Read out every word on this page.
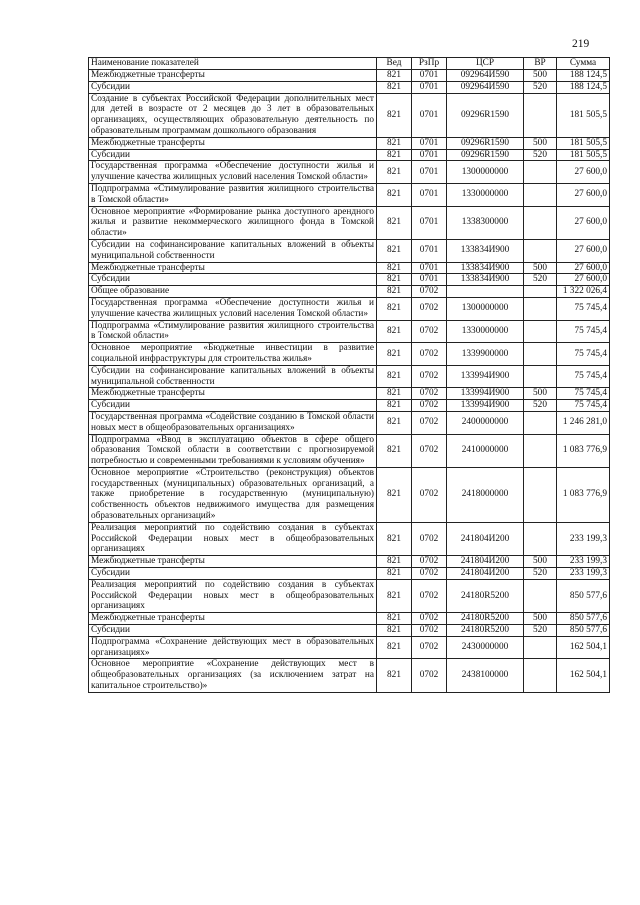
219
Наименование показателей	Вед	РзПр	ЦСР	ВР	Сумма
Межбюджетные трансферты	821	0701	092964И590	500	188 124,5
Субсидии	821	0701	092964И590	520	188 124,5
Создание в субъектах Российской Федерации дополнительных мест для детей в возрасте от 2 месяцев до 3 лет в образовательных организациях, осуществляющих образовательную деятельность по образовательным программам дошкольного образования	821	0701	09296R1590		181 505,5
Межбюджетные трансферты	821	0701	09296R1590	500	181 505,5
Субсидии	821	0701	09296R1590	520	181 505,5
Государственная программа «Обеспечение доступности жилья и улучшение качества жилищных условий населения Томской области»	821	0701	1300000000		27 600,0
Подпрограмма «Стимулирование развития жилищного строительства в Томской области»	821	0701	1330000000		27 600,0
Основное мероприятие «Формирование рынка доступного арендного жилья и развитие некоммерческого жилищного фонда в Томской области»	821	0701	1338300000		27 600,0
Субсидии на софинансирование капитальных вложений в объекты муниципальной собственности	821	0701	133834И900		27 600,0
Межбюджетные трансферты	821	0701	133834И900	500	27 600,0
Субсидии	821	0701	133834И900	520	27 600,0
Общее образование	821	0702			1 322 026,4
Государственная программа «Обеспечение доступности жилья и улучшение качества жилищных условий населения Томской области»	821	0702	1300000000		75 745,4
Подпрограмма «Стимулирование развития жилищного строительства в Томской области»	821	0702	1330000000		75 745,4
Основное мероприятие «Бюджетные инвестиции в развитие социальной инфраструктуры для строительства жилья»	821	0702	1339900000		75 745,4
Субсидии на софинансирование капитальных вложений в объекты муниципальной собственности	821	0702	133994И900		75 745,4
Межбюджетные трансферты	821	0702	133994И900	500	75 745,4
Субсидии	821	0702	133994И900	520	75 745,4
Государственная программа «Содействие созданию в Томской области новых мест в общеобразовательных организациях»	821	0702	2400000000		1 246 281,0
Подпрограмма «Ввод в эксплуатацию объектов в сфере общего образования Томской области в соответствии с прогнозируемой потребностью и современными требованиями к условиям обучения»	821	0702	2410000000		1 083 776,9
Основное мероприятие «Строительство (реконструкция) объектов государственных (муниципальных) образовательных организаций, а также приобретение в государственную (муниципальную) собственность объектов недвижимого имущества для размещения образовательных организаций»	821	0702	2418000000		1 083 776,9
Реализация мероприятий по содействию создания в субъектах Российской Федерации новых мест в общеобразовательных организациях	821	0702	241804И200		233 199,3
Межбюджетные трансферты	821	0702	241804И200	500	233 199,3
Субсидии	821	0702	241804И200	520	233 199,3
Реализация мероприятий по содействию создания в субъектах Российской Федерации новых мест в общеобразовательных организациях	821	0702	24180R5200		850 577,6
Межбюджетные трансферты	821	0702	24180R5200	500	850 577,6
Субсидии	821	0702	24180R5200	520	850 577,6
Подпрограмма «Сохранение действующих мест в образовательных организациях»	821	0702	2430000000		162 504,1
Основное мероприятие «Сохранение действующих мест в общеобразовательных организациях (за исключением затрат на капитальное строительство)»	821	0702	2438100000		162 504,1
